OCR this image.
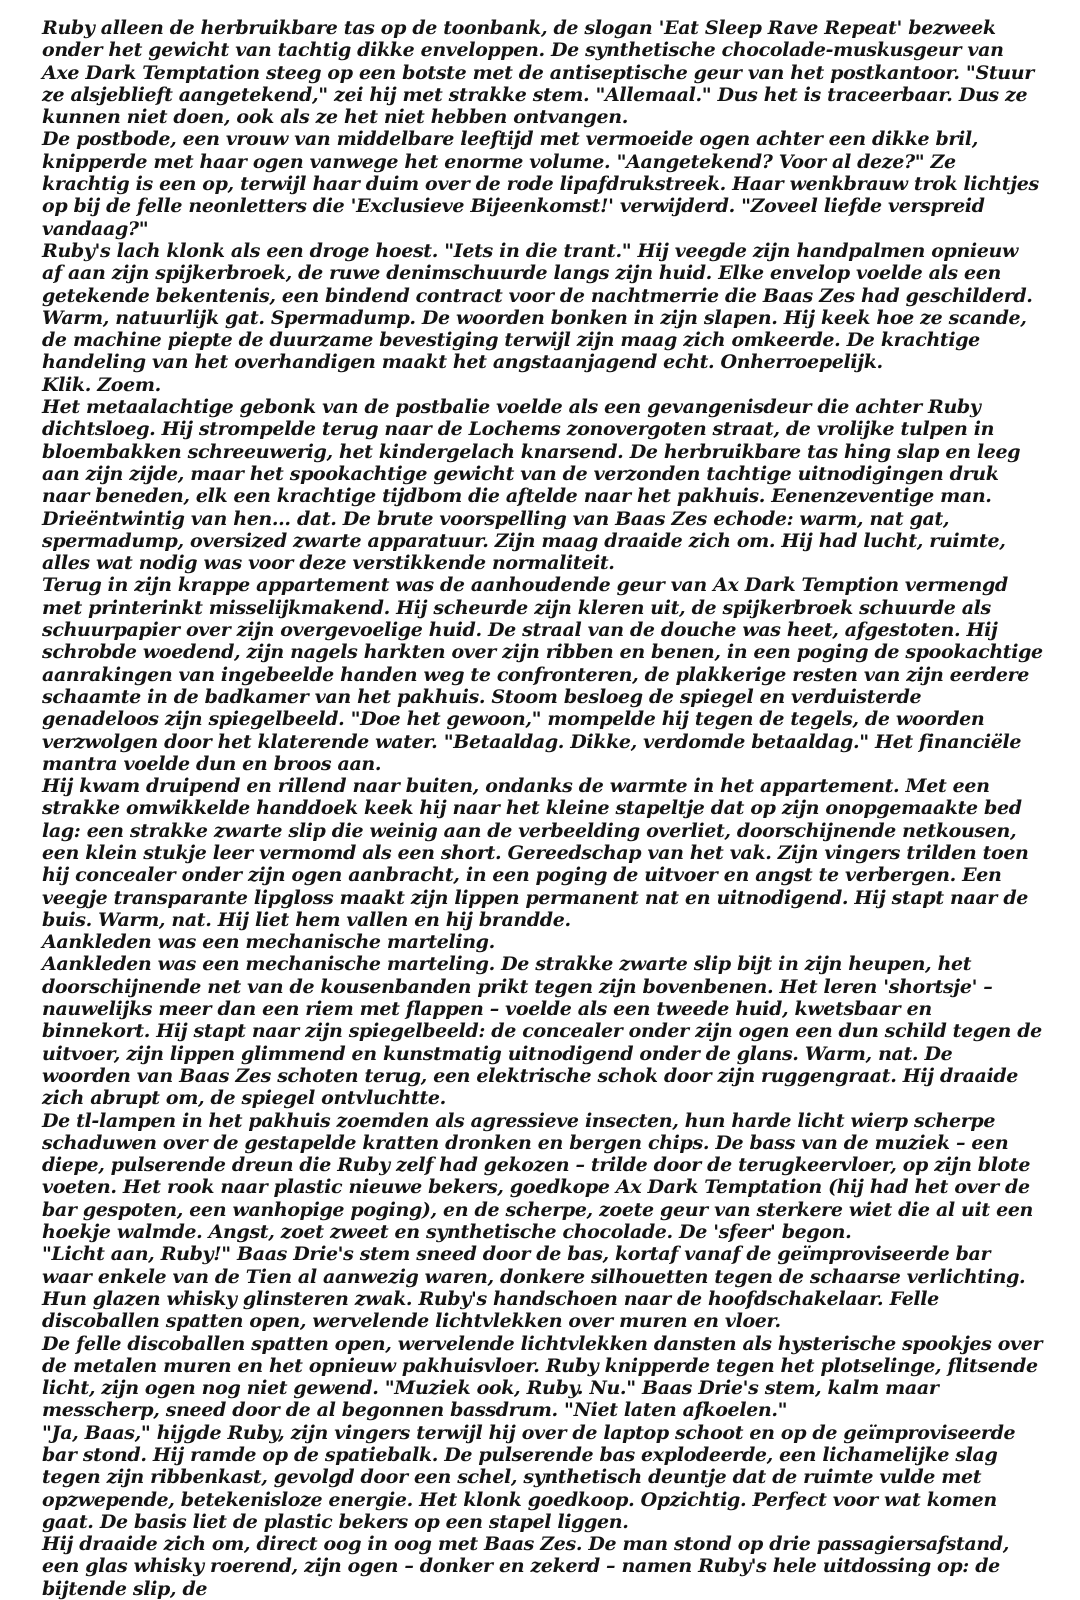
Ruby alleen de herbruikbare tas op de toonbank, de slogan 'Eat Sleep Rave Repeat' bezweek onder het gewicht van tachtig dikke enveloppen. De synthetische chocolade-muskusgeur van Axe Dark Temptation steeg op een botste met de antiseptische geur van het postkantoor. "Stuur ze alsjeblieft aangetekend," zei hij met strakke stem. "Allemaal." Dus het is traceerbaar. Dus ze kunnen niet doen, ook als ze het niet hebben ontvangen.

De postbode, een vrouw van middelbare leeftijd met vermoeide ogen achter een dikke bril, knipperde met haar ogen vanwege het enorme volume. "Aangetekend? Voor al deze?" Ze krachtig is een op, terwijl haar duim over de rode lipafdrukstreek. Haar wenkbrauw trok lichtjes op bij de felle neonletters die 'Exclusieve Bijeenkomst!' verwijderd. "Zoveel liefde verspreid vandaag?"

Ruby's lach klonk als een droge hoest. "Iets in die trant." Hij veegde zijn handpalmen opnieuw af aan zijn spijkerbroek, de ruwe denimschuurde langs zijn huid. Elke envelop voelde als een getekende bekentenis, een bindend contract voor de nachtmerrie die Baas Zes had geschilderd. Warm, natuurlijk gat. Spermadump. De woorden bonken in zijn slapen. Hij keek hoe ze scande, de machine piepte de duurzame bevestiging terwijl zijn maag zich omkeerde. De krachtige handeling van het overhandigen maakt het angstaanjagend echt. Onherroepelijk.

Klik. Zoem.

Het metaalachtige gebonk van de postbalie voelde als een gevangenisdeur die achter Ruby dichtsloeg. Hij strompelde terug naar de Lochems zonovergoten straat, de vrolijke tulpen in bloembakken schreeuwerig, het kindergelach knarsend. De herbruikbare tas hing slap en leeg aan zijn zijde, maar het spookachtige gewicht van de verzonden tachtige uitnodigingen druk naar beneden, elk een krachtige tijdbom die aftelde naar het pakhuis. Eenenzeventige man. Drieëntwintig van hen... dat. De brute voorspelling van Baas Zes echode: warm, nat gat, spermadump, oversized zwarte apparatuur. Zijn maag draaide zich om. Hij had lucht, ruimte, alles wat nodig was voor deze verstikkende normaliteit.

Terug in zijn krappe appartement was de aanhoudende geur van Ax Dark Temption vermengd met printerinkt misselijkmakend. Hij scheurde zijn kleren uit, de spijkerbroek schuurde als schuurpapier over zijn overgevoelige huid. De straal van de douche was heet, afgestoten. Hij schrobde woedend, zijn nagels harkten over zijn ribben en benen, in een poging de spookachtige aanrakingen van ingebeelde handen weg te confronteren, de plakkerige resten van zijn eerdere schaamte in de badkamer van het pakhuis. Stoom besloeg de spiegel en verduisterde genadeloos zijn spiegelbeeld. "Doe het gewoon," mompelde hij tegen de tegels, de woorden verzwolgen door het klaterende water. "Betaaldag. Dikke, verdomde betaaldag." Het financiële mantra voelde dun en broos aan.

Hij kwam druipend en rillend naar buiten, ondanks de warmte in het appartement. Met een strakke omwikkelde handdoek keek hij naar het kleine stapeltje dat op zijn onopgemaakte bed lag: een strakke zwarte slip die weinig aan de verbeelding overliet, doorschijnende netkousen, een klein stukje leer vermomd als een short. Gereedschap van het vak. Zijn vingers trilden toen hij concealer onder zijn ogen aanbracht, in een poging de uitvoer en angst te verbergen. Een veegje transparante lipgloss maakt zijn lippen permanent nat en uitnodigend. Hij stapt naar de buis. Warm, nat. Hij liet hem vallen en hij brandde.

Aankleden was een mechanische marteling.

Aankleden was een mechanische marteling. De strakke zwarte slip bijt in zijn heupen, het doorschijnende net van de kousenbanden prikt tegen zijn bovenbenen. Het leren 'shortsje' – nauwelijks meer dan een riem met flappen – voelde als een tweede huid, kwetsbaar en binnekort. Hij stapt naar zijn spiegelbeeld: de concealer onder zijn ogen een dun schild tegen de uitvoer, zijn lippen glimmend en kunstmatig uitnodigend onder de glans. Warm, nat. De woorden van Baas Zes schoten terug, een elektrische schok door zijn ruggengraat. Hij draaide zich abrupt om, de spiegel ontvluchtte.

De tl-lampen in het pakhuis zoemden als agressieve insecten, hun harde licht wierp scherpe schaduwen over de gestapelde kratten dronken en bergen chips. De bass van de muziek – een diepe, pulserende dreun die Ruby zelf had gekozen – trilde door de terugkeervloer, op zijn blote voeten. Het rook naar plastic nieuwe bekers, goedkope Ax Dark Temptation (hij had het over de bar gespoten, een wanhopige poging), en de scherpe, zoete geur van sterkere wiet die al uit een hoekje walmde. Angst, zoet zweet en synthetische chocolade. De 'sfeer' begon.

"Licht aan, Ruby!" Baas Drie's stem sneed door de bas, kortaf vanaf de geïmproviseerde bar waar enkele van de Tien al aanwezig waren, donkere silhouetten tegen de schaarse verlichting. Hun glazen whisky glinsteren zwak. Ruby's handschoen naar de hoofdschakelaar. Felle discoballen spatten open, wervelende lichtvlekken over muren en vloer.

De felle discoballen spatten open, wervelende lichtvlekken dansten als hysterische spookjes over de metalen muren en het opnieuw pakhuisvloer. Ruby knipperde tegen het plotselinge, flitsende licht, zijn ogen nog niet gewend. "Muziek ook, Ruby. Nu." Baas Drie's stem, kalm maar messcherp, sneed door de al begonnen bassdrum. "Niet laten afkoelen."

"Ja, Baas," hijgde Ruby, zijn vingers terwijl hij over de laptop schoot en op de geïmproviseerde bar stond. Hij ramde op de spatiebalk. De pulserende bas explodeerde, een lichamelijke slag tegen zijn ribbenkast, gevolgd door een schel, synthetisch deuntje dat de ruimte vulde met opzwepende, betekenisloze energie. Het klonk goedkoop. Opzichtig. Perfect voor wat komen gaat. De basis liet de plastic bekers op een stapel liggen.

Hij draaide zich om, direct oog in oog met Baas Zes. De man stond op drie passagiersafstand, een glas whisky roerend, zijn ogen – donker en zekerd – namen Ruby's hele uitdossing op: de bijtende slip, de
